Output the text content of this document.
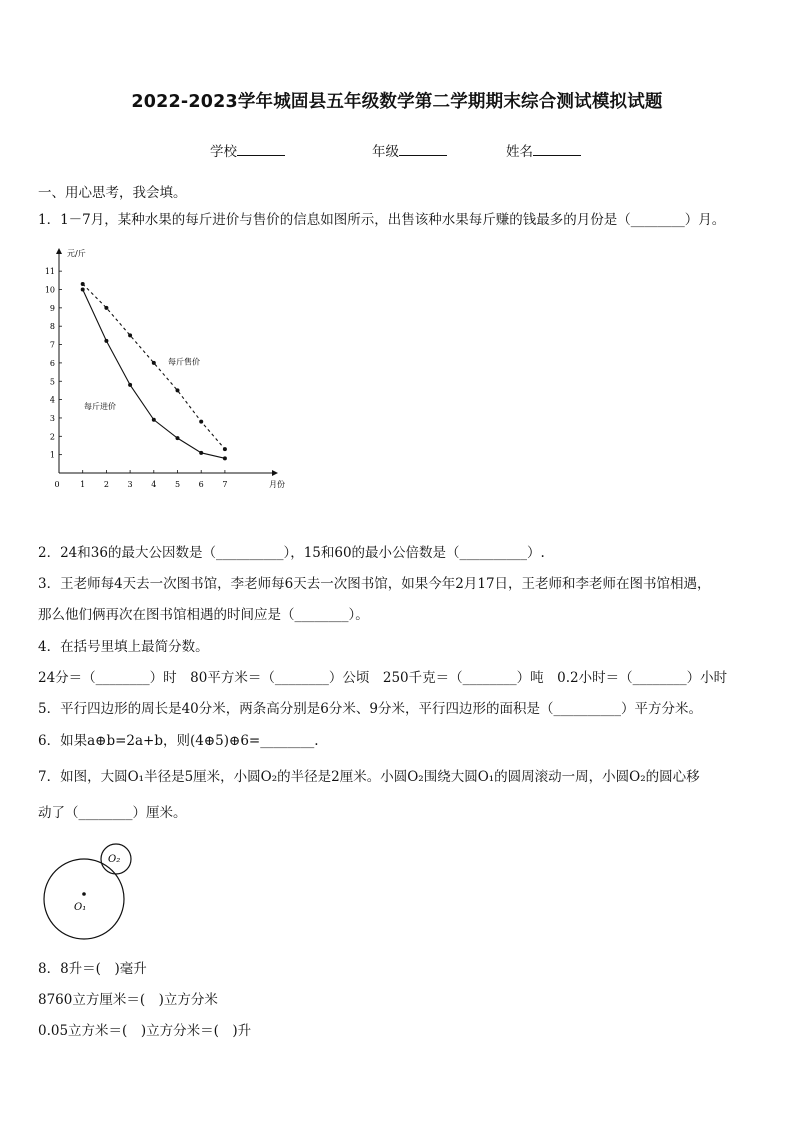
2022-2023学年城固县五年级数学第二学期期末综合测试模拟试题
学校	年级	姓名
一、用心思考，我会填。
1．1－7月，某种水果的每斤进价与售价的信息如图所示，出售该种水果每斤赚的钱最多的月份是（________）月。
1
2
3
4
5
6
7
8
9
10
11
0	1 2 3 4 5 6 7
元/斤
月份
每斤售价
每斤进价
2．24和36的最大公因数是（__________），15和60的最小公倍数是（__________）.
3．王老师每4天去一次图书馆，李老师每6天去一次图书馆，如果今年2月17日，王老师和李老师在图书馆相遇，
那么他们俩再次在图书馆相遇的时间应是（________）。
4．在括号里填上最简分数。
24分＝（________）时　80平方米＝（________）公顷　250千克＝（________）吨　0.2小时＝（________）小时
5．平行四边形的周长是40分米，两条高分别是6分米、9分米，平行四边形的面积是（__________）平方分米。
6．如果a⊕b=2a+b，则(4⊕5)⊕6=________.
7．如图，大圆O₁半径是5厘米，小圆O₂的半径是2厘米。小圆O₂围绕大圆O₁的圆周滚动一周，小圆O₂的圆心移
动了（________）厘米。
O₁
O₂
8．8升＝(　)毫升
8760立方厘米＝(　)立方分米
0.05立方米＝(　)立方分米＝(　)升
